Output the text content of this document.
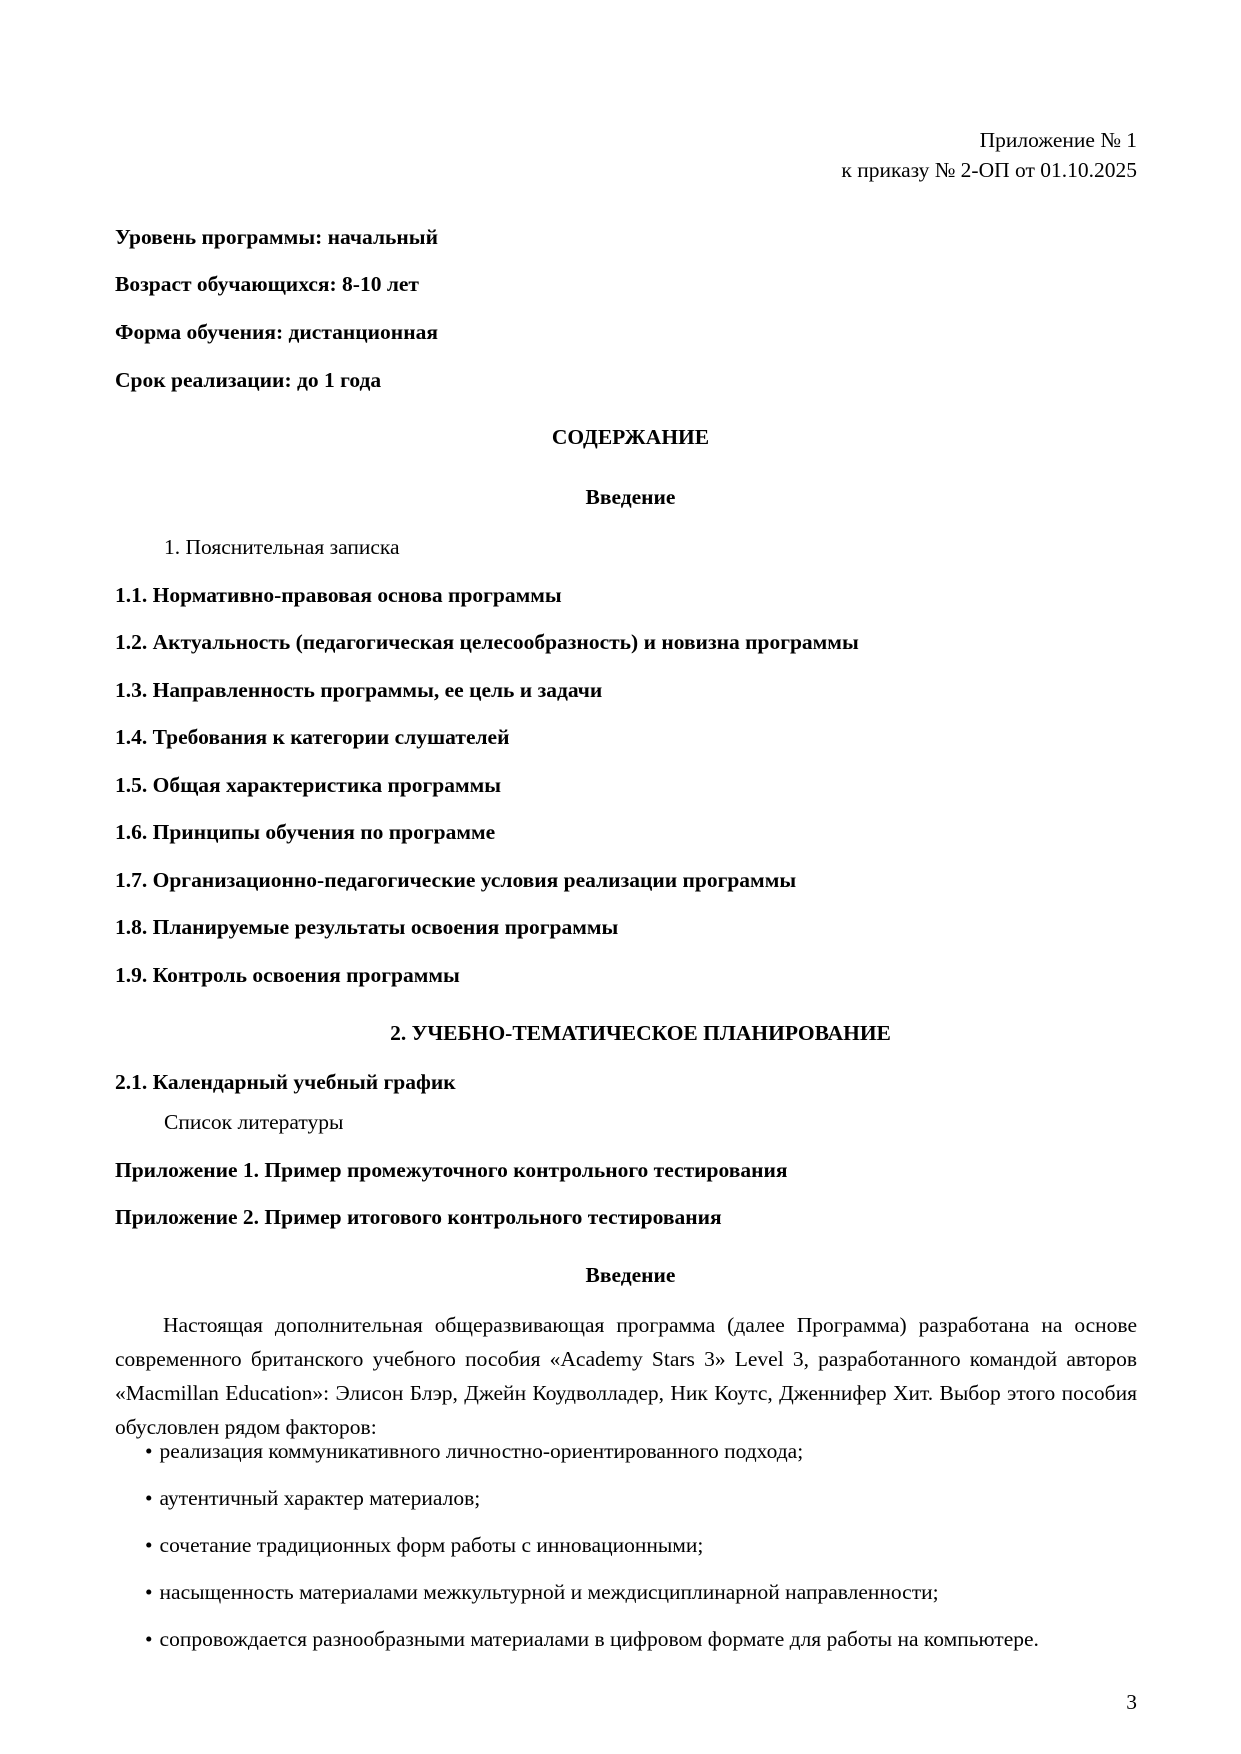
Приложение № 1
к приказу № 2-ОП от 01.10.2025
Уровень программы: начальный
Возраст обучающихся: 8-10 лет
Форма обучения: дистанционная
Срок реализации: до 1 года
СОДЕРЖАНИЕ
Введение
1. Пояснительная записка
1.1. Нормативно-правовая основа программы
1.2. Актуальность (педагогическая целесообразность) и новизна программы
1.3. Направленность программы, ее цель и задачи
1.4. Требования к категории слушателей
1.5. Общая характеристика программы
1.6. Принципы обучения по программе
1.7. Организационно-педагогические условия реализации программы
1.8. Планируемые результаты освоения программы
1.9. Контроль освоения программы
2. УЧЕБНО-ТЕМАТИЧЕСКОЕ ПЛАНИРОВАНИЕ
2.1. Календарный учебный график
Список литературы
Приложение 1. Пример промежуточного контрольного тестирования
Приложение 2. Пример итогового контрольного тестирования
Введение
Настоящая дополнительная общеразвивающая программа (далее Программа) разработана на основе современного британского учебного пособия «Academy Stars 3» Level 3, разработанного командой авторов «Macmillan Education»: Элисон Блэр, Джейн Коудволладер, Ник Коутс, Дженнифер Хит. Выбор этого пособия обусловлен рядом факторов:
• реализация коммуникативного личностно-ориентированного подхода;
• аутентичный характер материалов;
• сочетание традиционных форм работы с инновационными;
• насыщенность материалами межкультурной и междисциплинарной направленности;
• сопровождается разнообразными материалами в цифровом формате для работы на компьютере.
3
